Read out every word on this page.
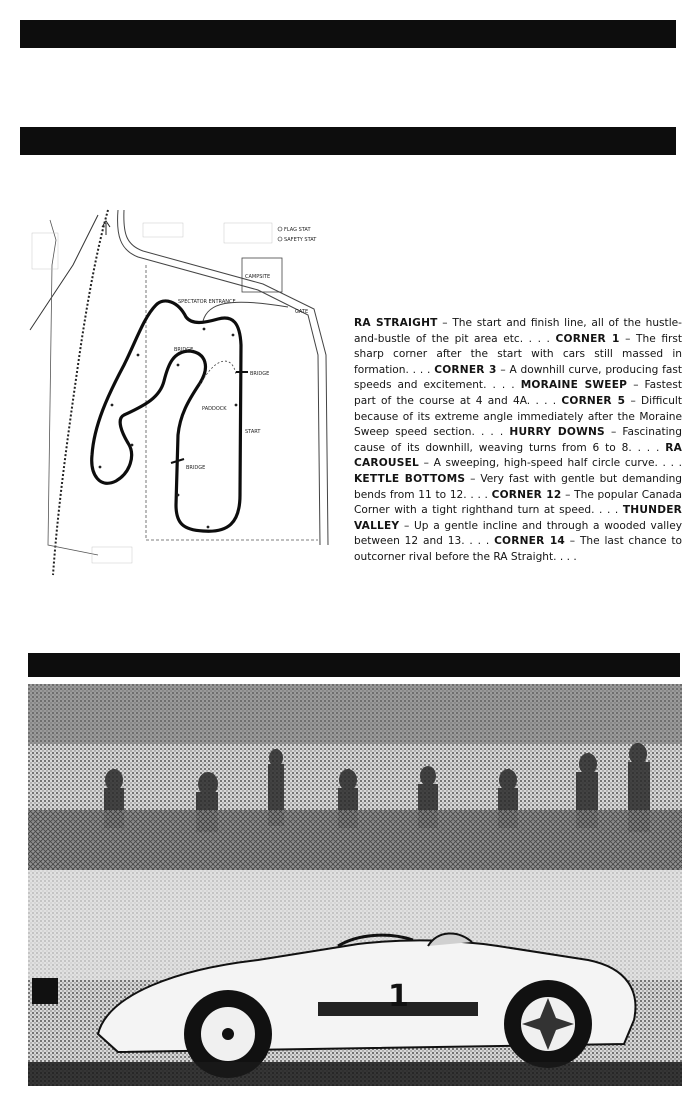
CAMPSITE
SPECTATOR ENTRANCE
GATE
BRIDGE
BRIDGE
BRIDGE
PADDOCK
START
FLAG STAT
SAFETY STAT

RA STRAIGHT – The start and finish line, all of the hustle-and-bustle of the pit area etc. . . . CORNER 1 – The first sharp corner after the start with cars still massed in formation. . . . CORNER 3 – A downhill curve, producing fast speeds and excitement. . . . MORAINE SWEEP – Fastest part of the course at 4 and 4A. . . . CORNER 5 – Difficult because of its extreme angle immediately after the Moraine Sweep speed section. . . . HURRY DOWNS – Fascinating cause of its downhill, weaving turns from 6 to 8. . . . RA CAROUSEL – A sweeping, high-speed half circle curve. . . . KETTLE BOTTOMS – Very fast with gentle but demanding bends from 11 to 12. . . . CORNER 12 – The popular Canada Corner with a tight righthand turn at speed. . . . THUNDER VALLEY – Up a gentle incline and through a wooded valley between 12 and 13. . . . CORNER 14 – The last chance to outcorner rival before the RA Straight. . . .

1
